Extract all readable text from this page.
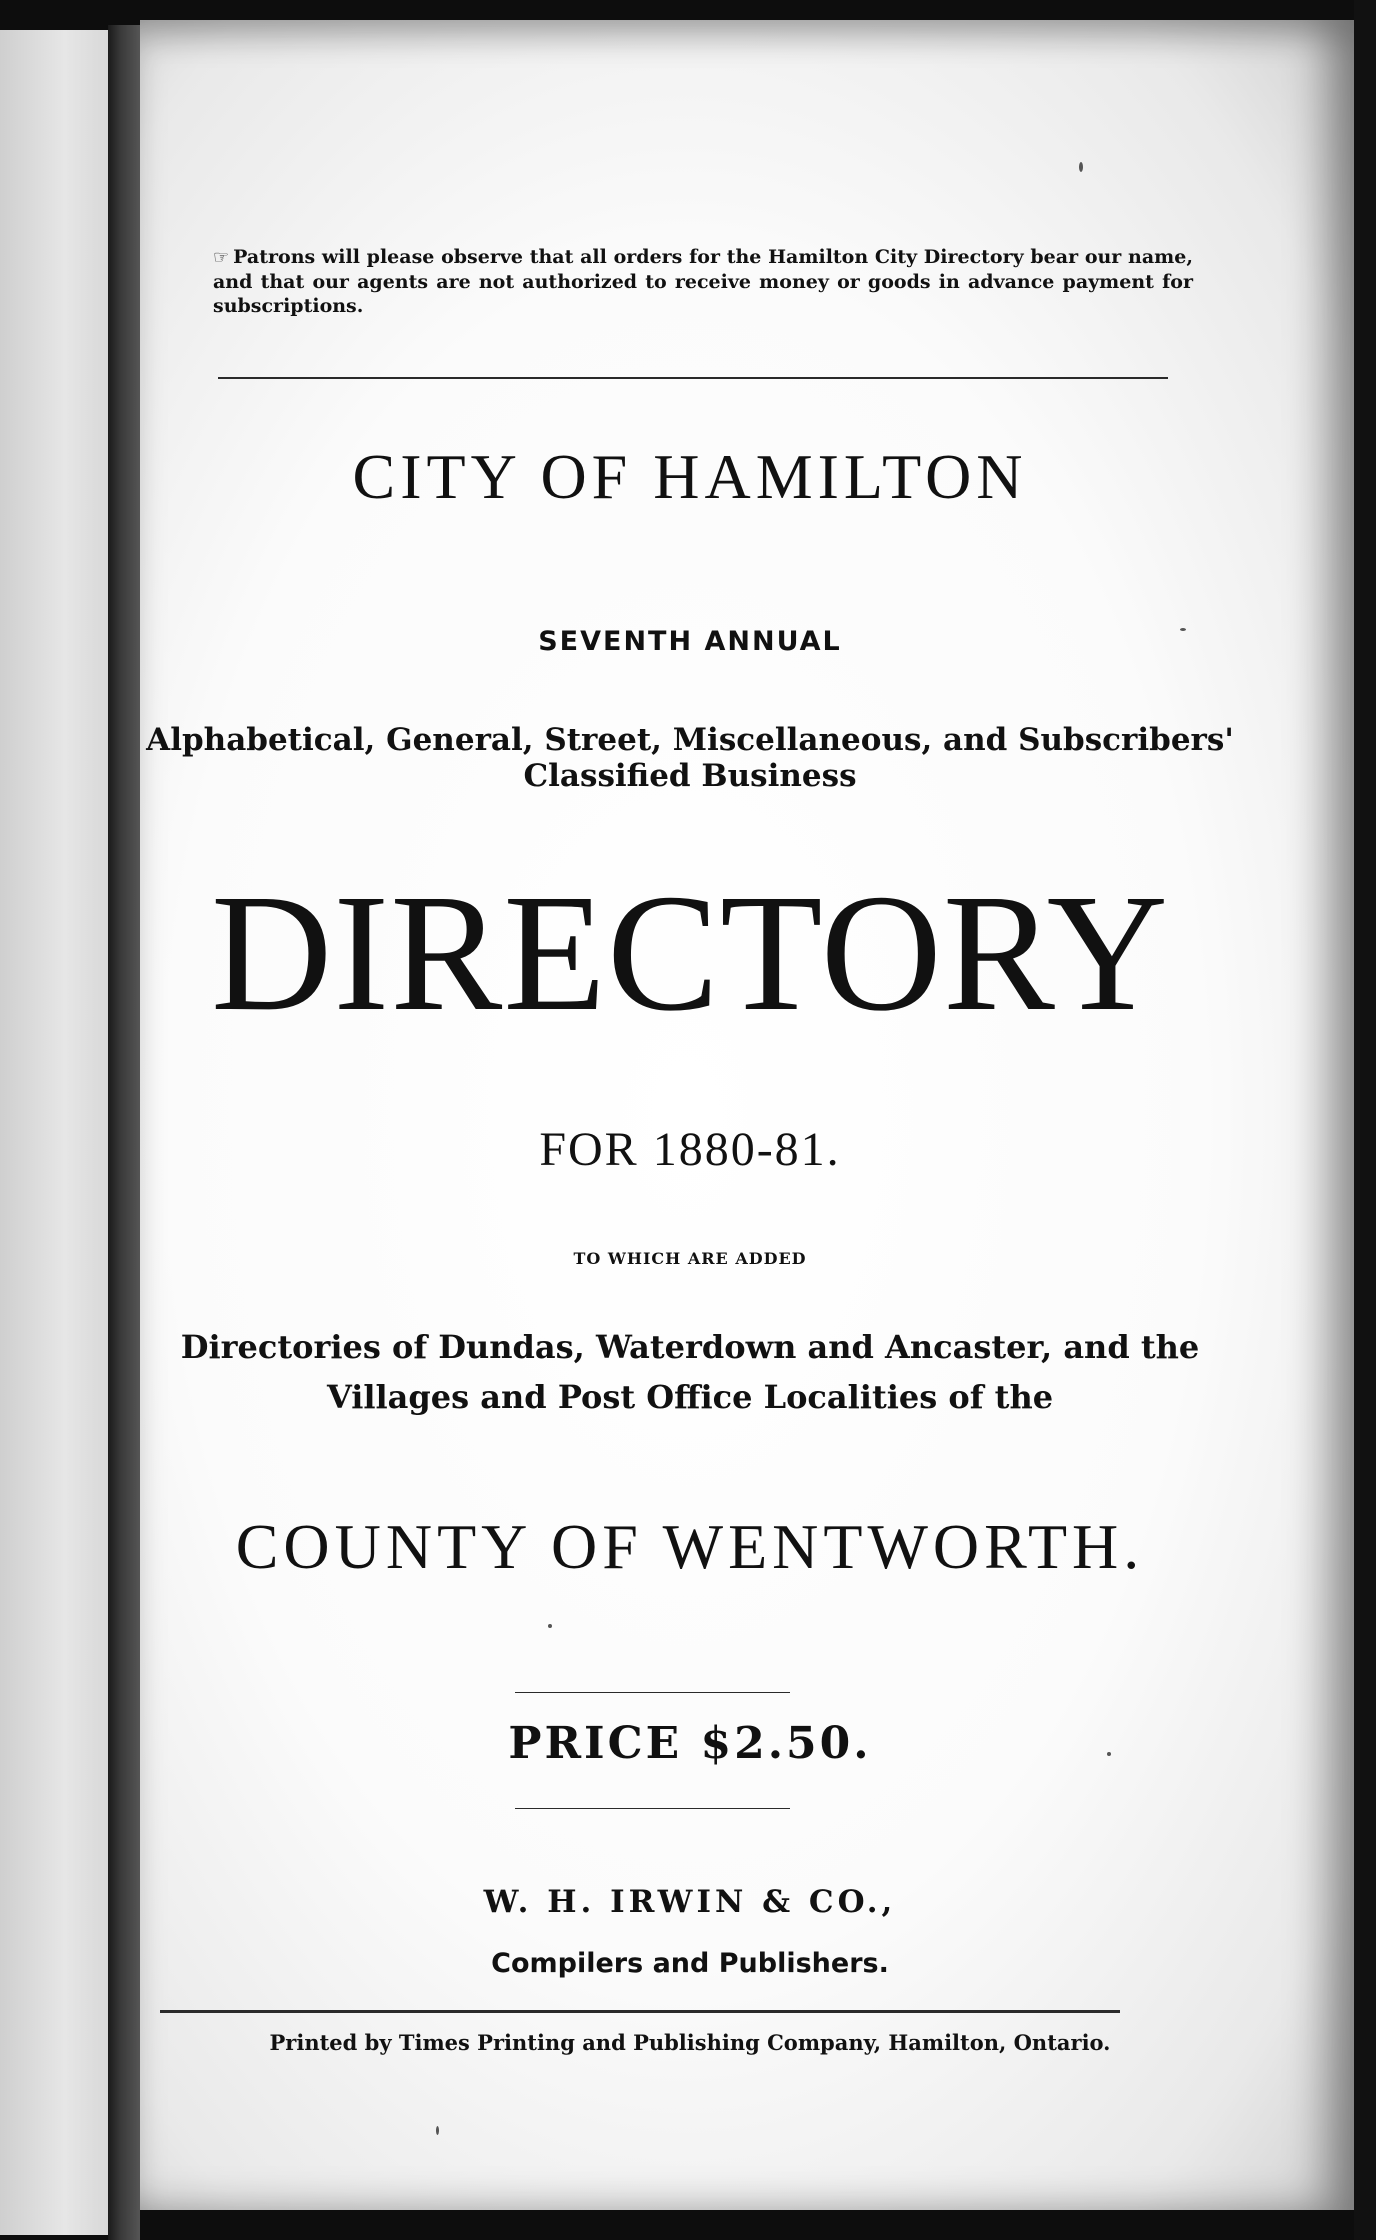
☞ Patrons will please observe that all orders for the Hamilton City Directory bear our name, and that our agents are not authorized to receive money or goods in advance payment for subscriptions.
CITY OF HAMILTON
SEVENTH ANNUAL
Alphabetical, General, Street, Miscellaneous, and Subscribers'
Classified Business
DIRECTORY
FOR 1880-81.
TO WHICH ARE ADDED
Directories of Dundas, Waterdown and Ancaster, and the
Villages and Post Office Localities of the
COUNTY OF WENTWORTH.
PRICE $2.50.
W. H. IRWIN & CO.,
Compilers and Publishers.
Printed by Times Printing and Publishing Company, Hamilton, Ontario.
